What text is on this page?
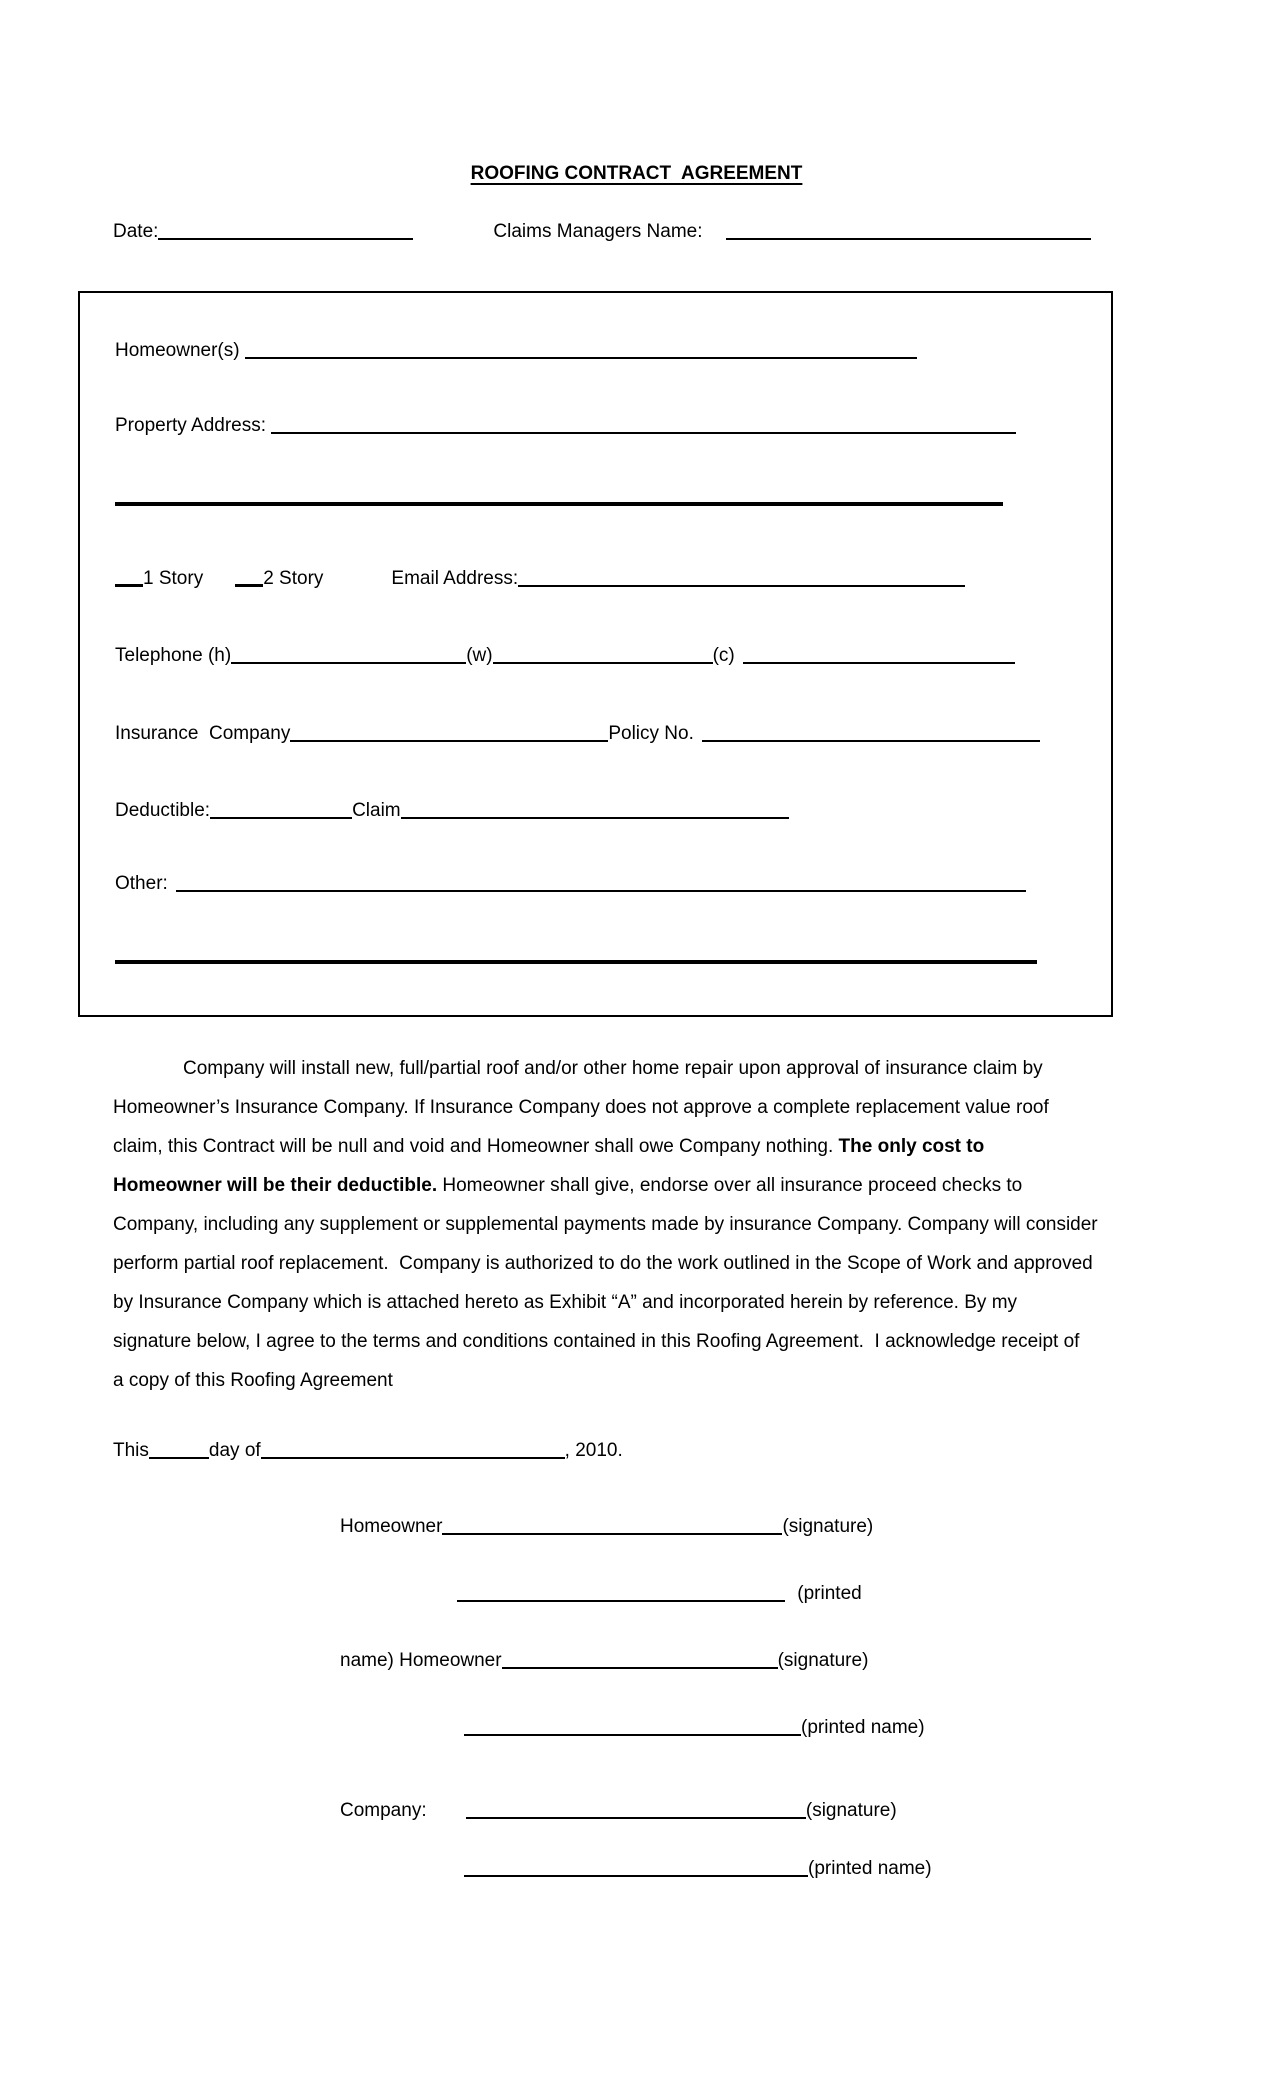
ROOFING CONTRACT  AGREEMENT
Date:	Claims Managers Name:
Homeowner(s)
Property Address:
1 Story	2 Story	Email Address:
Telephone (h)	(w)	(c)
Insurance  Company	Policy No.
Deductible:	Claim
Other:
Company will install new, full/partial roof and/or other home repair upon approval of insurance claim by
Homeowner’s Insurance Company. If Insurance Company does not approve a complete replacement value roof
claim, this Contract will be null and void and Homeowner shall owe Company nothing. The only cost to
Homeowner will be their deductible. Homeowner shall give, endorse over all insurance proceed checks to
Company, including any supplement or supplemental payments made by insurance Company. Company will consider
perform partial roof replacement.  Company is authorized to do the work outlined in the Scope of Work and approved
by Insurance Company which is attached hereto as Exhibit “A” and incorporated herein by reference. By my
signature below, I agree to the terms and conditions contained in this Roofing Agreement.  I acknowledge receipt of
a copy of this Roofing Agreement
This	day of	, 2010.
Homeowner	(signature)
(printed
name) Homeowner	(signature)
(printed name)
Company:	(signature)
(printed name)
